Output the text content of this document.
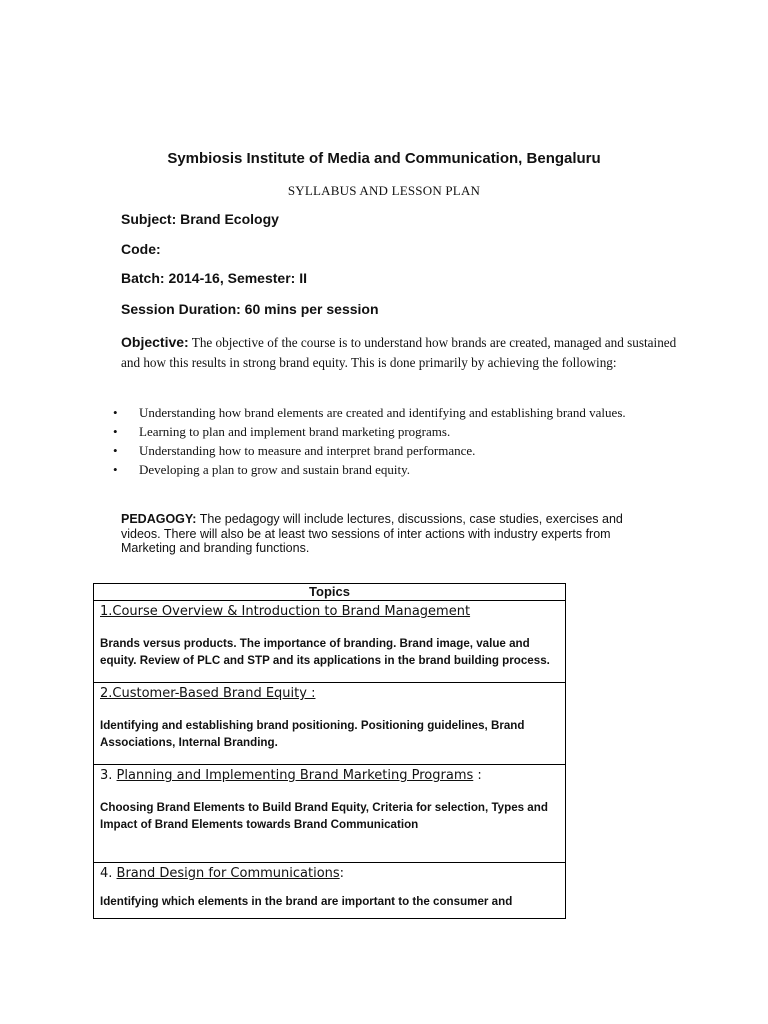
Symbiosis Institute of Media and Communication, Bengaluru
SYLLABUS AND LESSON PLAN
Subject: Brand Ecology
Code:
Batch: 2014-16, Semester: II
Session Duration: 60 mins per session
Objective: The objective of the course is to understand how brands are created, managed and sustained and how this results in strong brand equity. This is done primarily by achieving the following:
• Understanding how brand elements are created and identifying and establishing brand values.
• Learning to plan and implement brand marketing programs.
• Understanding how to measure and interpret brand performance.
• Developing a plan to grow and sustain brand equity.
PEDAGOGY: The pedagogy will include lectures, discussions, case studies, exercises and videos. There will also be at least two sessions of inter actions with industry experts from Marketing and branding functions.
Topics
1.Course Overview & Introduction to Brand Management
Brands versus products. The importance of branding. Brand image, value and equity. Review of PLC and STP and its applications in the brand building process.
2.Customer-Based Brand Equity :
Identifying and establishing brand positioning. Positioning guidelines, Brand Associations, Internal Branding.
3. Planning and Implementing Brand Marketing Programs :
Choosing Brand Elements to Build Brand Equity, Criteria for selection, Types and Impact of Brand Elements towards Brand Communication
4. Brand Design for Communications:
Identifying which elements in the brand are important to the consumer and
